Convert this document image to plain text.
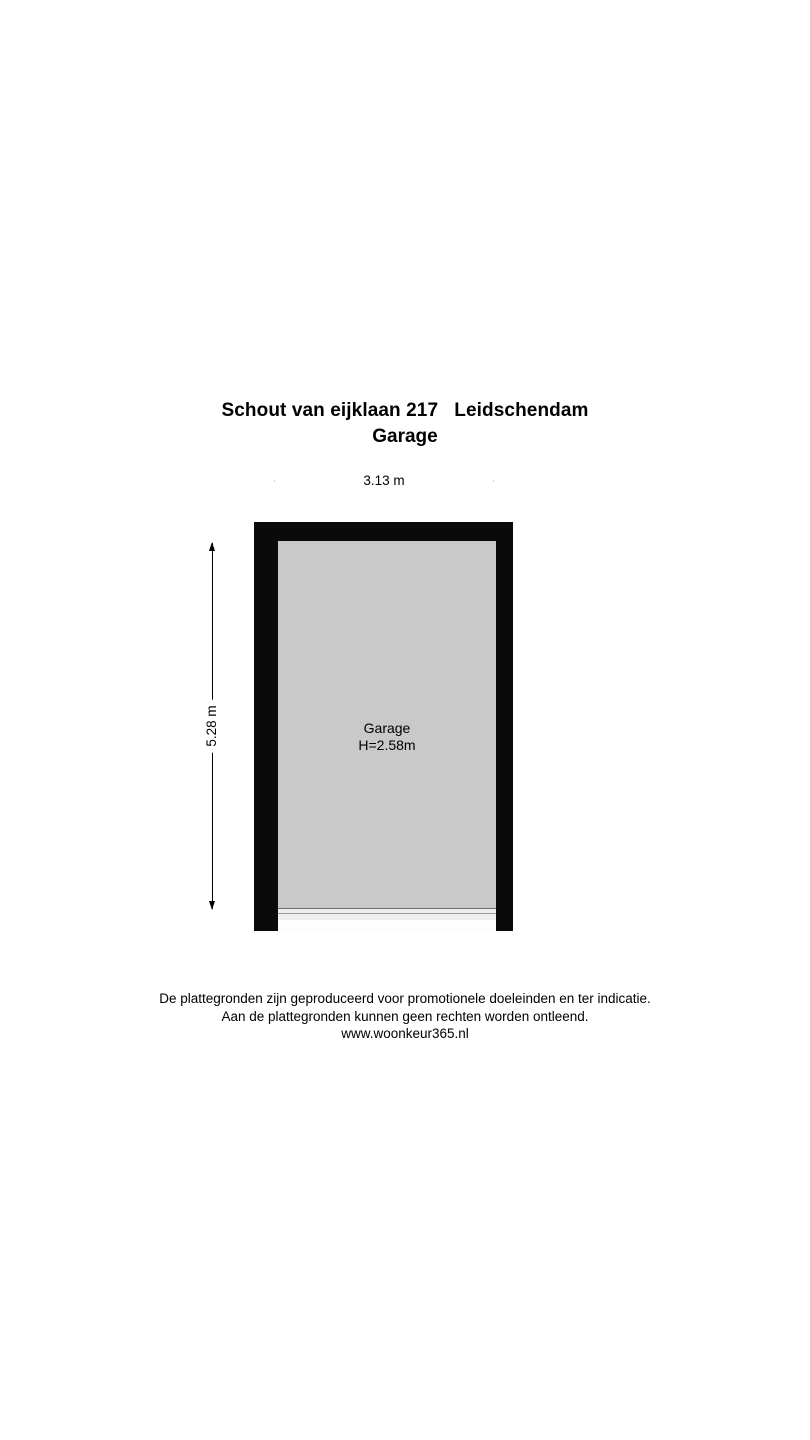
Schout van eijklaan 217   Leidschendam
Garage
3.13 m
5.28 m	Garage
H=2.58m
De plattegronden zijn geproduceerd voor promotionele doeleinden en ter indicatie.
Aan de plattegronden kunnen geen rechten worden ontleend.
www.woonkeur365.nl
